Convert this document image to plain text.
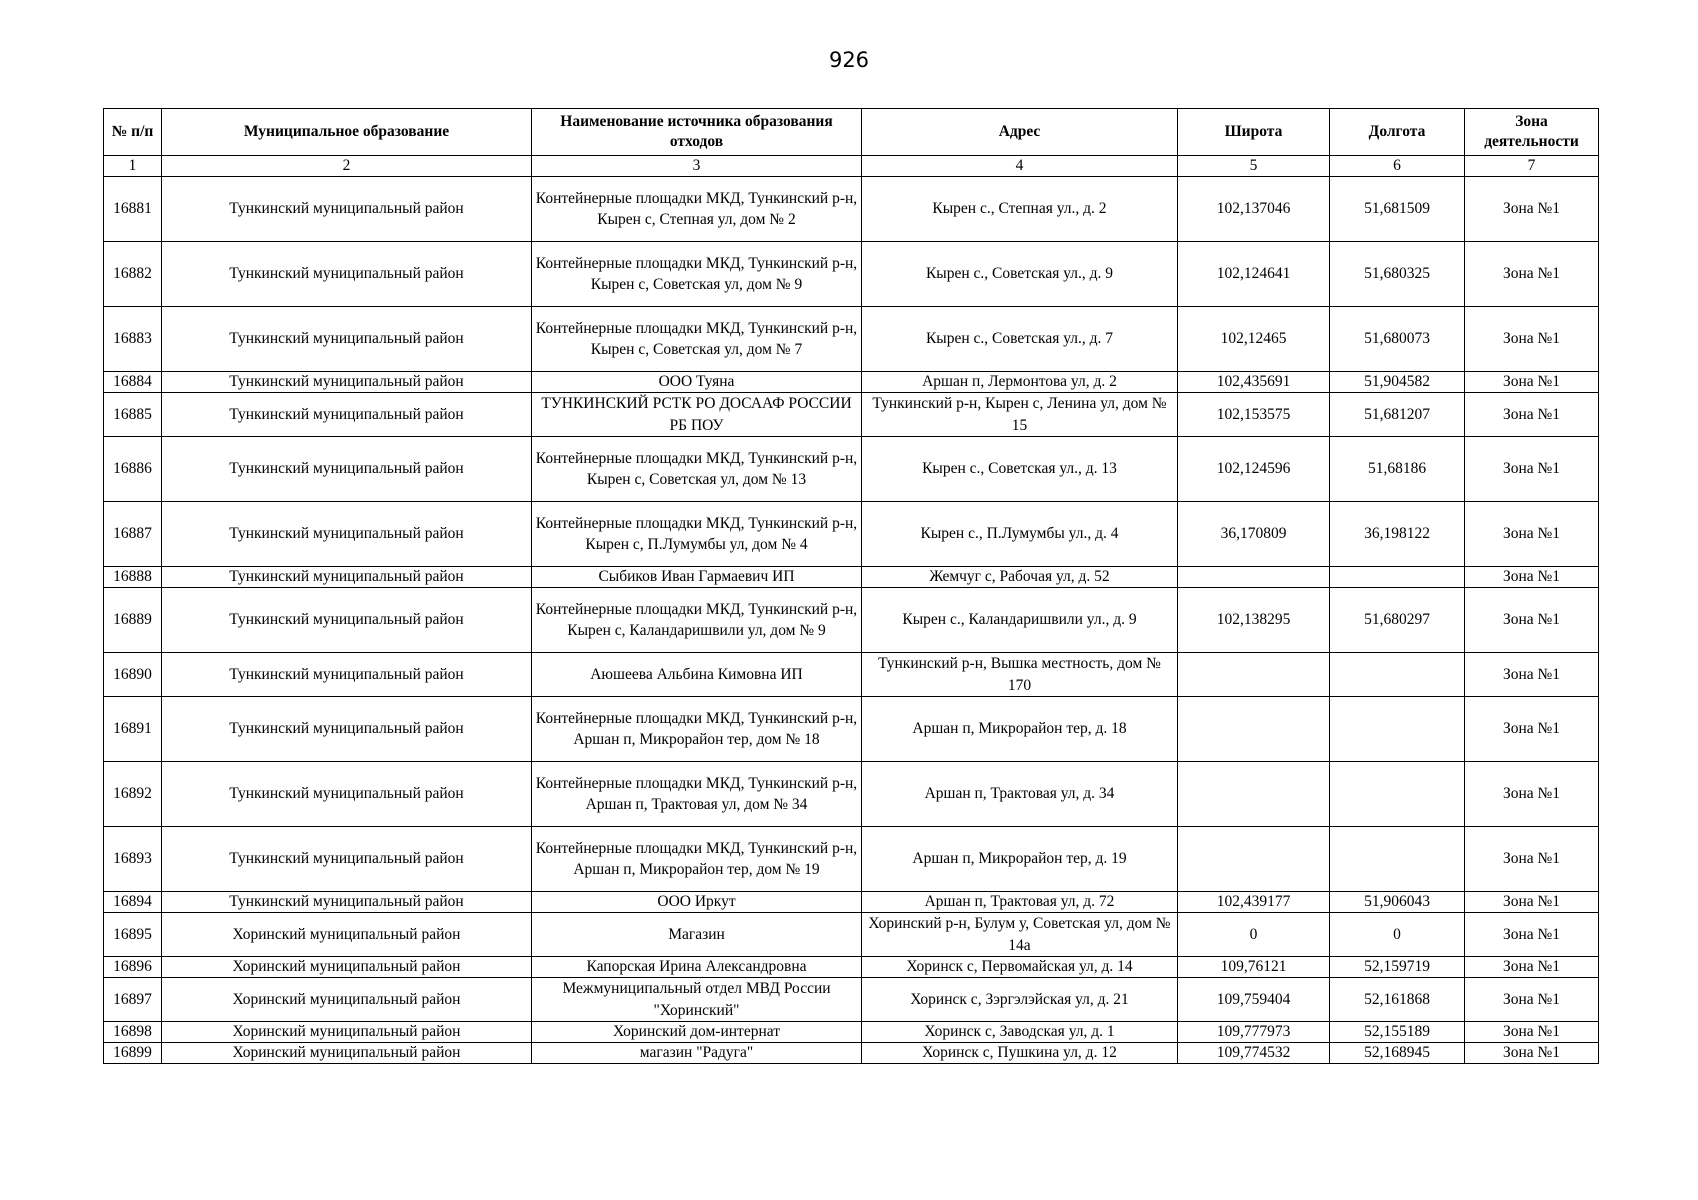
926
№ п/п	Муниципальное образование	Наименование источника образования отходов	Адрес	Широта	Долгота	Зона деятельности
1	2	3	4	5	6	7
16881	Тункинский муниципальный район	Контейнерные площадки МКД, Тункинский р-н, Кырен с, Степная ул, дом № 2	Кырен с., Степная ул., д. 2	102,137046	51,681509	Зона №1
16882	Тункинский муниципальный район	Контейнерные площадки МКД, Тункинский р-н, Кырен с, Советская ул, дом № 9	Кырен с., Советская ул., д. 9	102,124641	51,680325	Зона №1
16883	Тункинский муниципальный район	Контейнерные площадки МКД, Тункинский р-н, Кырен с, Советская ул, дом № 7	Кырен с., Советская ул., д. 7	102,12465	51,680073	Зона №1
16884	Тункинский муниципальный район	ООО Туяна	Аршан п, Лермонтова ул, д. 2	102,435691	51,904582	Зона №1
16885	Тункинский муниципальный район	ТУНКИНСКИЙ РСТК РО ДОСААФ РОССИИ РБ ПОУ	Тункинский р-н, Кырен с, Ленина ул, дом № 15	102,153575	51,681207	Зона №1
16886	Тункинский муниципальный район	Контейнерные площадки МКД, Тункинский р-н, Кырен с, Советская ул, дом № 13	Кырен с., Советская ул., д. 13	102,124596	51,68186	Зона №1
16887	Тункинский муниципальный район	Контейнерные площадки МКД, Тункинский р-н, Кырен с, П.Лумумбы ул, дом № 4	Кырен с., П.Лумумбы ул., д. 4	36,170809	36,198122	Зона №1
16888	Тункинский муниципальный район	Сыбиков Иван Гармаевич ИП	Жемчуг с, Рабочая ул, д. 52			Зона №1
16889	Тункинский муниципальный район	Контейнерные площадки МКД, Тункинский р-н, Кырен с, Каландаришвили ул, дом № 9	Кырен с., Каландаришвили ул., д. 9	102,138295	51,680297	Зона №1
16890	Тункинский муниципальный район	Аюшеева Альбина Кимовна ИП	Тункинский р-н, Вышка местность, дом № 170			Зона №1
16891	Тункинский муниципальный район	Контейнерные площадки МКД, Тункинский р-н, Аршан п, Микрорайон тер, дом № 18	Аршан п, Микрорайон тер, д. 18			Зона №1
16892	Тункинский муниципальный район	Контейнерные площадки МКД, Тункинский р-н, Аршан п, Трактовая ул, дом № 34	Аршан п, Трактовая ул, д. 34			Зона №1
16893	Тункинский муниципальный район	Контейнерные площадки МКД, Тункинский р-н, Аршан п, Микрорайон тер, дом № 19	Аршан п, Микрорайон тер, д. 19			Зона №1
16894	Тункинский муниципальный район	ООО Иркут	Аршан п, Трактовая ул, д. 72	102,439177	51,906043	Зона №1
16895	Хоринский муниципальный район	Магазин	Хоринский р-н, Булум у, Советская ул, дом № 14а	0	0	Зона №1
16896	Хоринский муниципальный район	Капорская Ирина Александровна	Хоринск с, Первомайская ул, д. 14	109,76121	52,159719	Зона №1
16897	Хоринский муниципальный район	Межмуниципальный отдел МВД России "Хоринский"	Хоринск с, Зэргэлэйская ул, д. 21	109,759404	52,161868	Зона №1
16898	Хоринский муниципальный район	Хоринский дом-интернат	Хоринск с, Заводская ул, д. 1	109,777973	52,155189	Зона №1
16899	Хоринский муниципальный район	магазин "Радуга"	Хоринск с, Пушкина ул, д. 12	109,774532	52,168945	Зона №1
